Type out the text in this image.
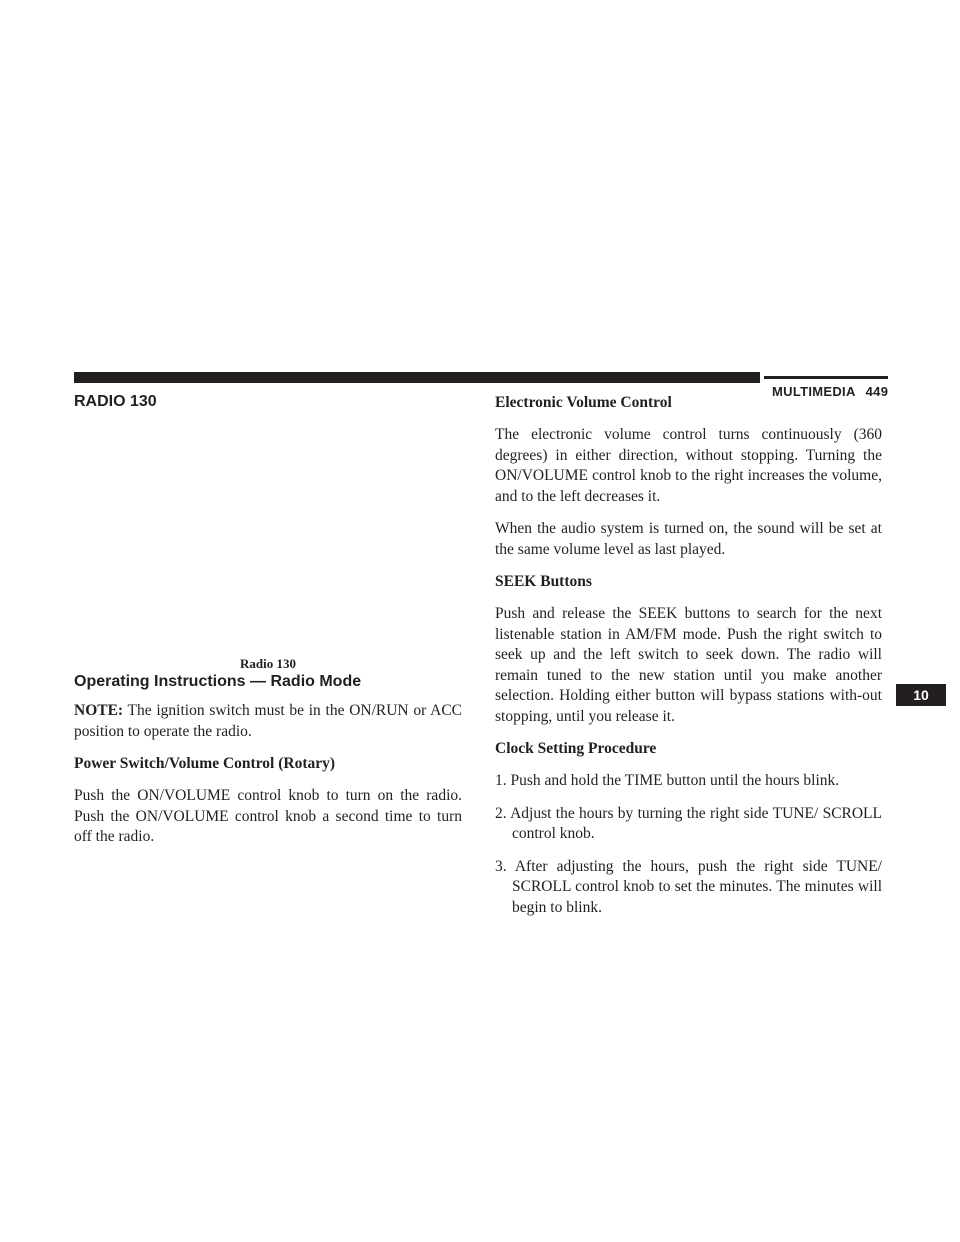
MULTIMEDIA 449
RADIO 130

Radio 130

Operating Instructions — Radio Mode

NOTE: The ignition switch must be in the ON/RUN or ACC position to operate the radio.

Power Switch/Volume Control (Rotary)

Push the ON/VOLUME control knob to turn on the radio. Push the ON/VOLUME control knob a second time to turn off the radio.

Electronic Volume Control

The electronic volume control turns continuously (360 degrees) in either direction, without stopping. Turning the ON/VOLUME control knob to the right increases the volume, and to the left decreases it.

When the audio system is turned on, the sound will be set at the same volume level as last played.

SEEK Buttons

Push and release the SEEK buttons to search for the next listenable station in AM/FM mode. Push the right switch to seek up and the left switch to seek down. The radio will remain tuned to the new station until you make another selection. Holding either button will bypass stations with-out stopping, until you release it.

Clock Setting Procedure
1. Push and hold the TIME button until the hours blink.
2. Adjust the hours by turning the right side TUNE/ SCROLL control knob.
3. After adjusting the hours, push the right side TUNE/ SCROLL control knob to set the minutes. The minutes will begin to blink.
10
